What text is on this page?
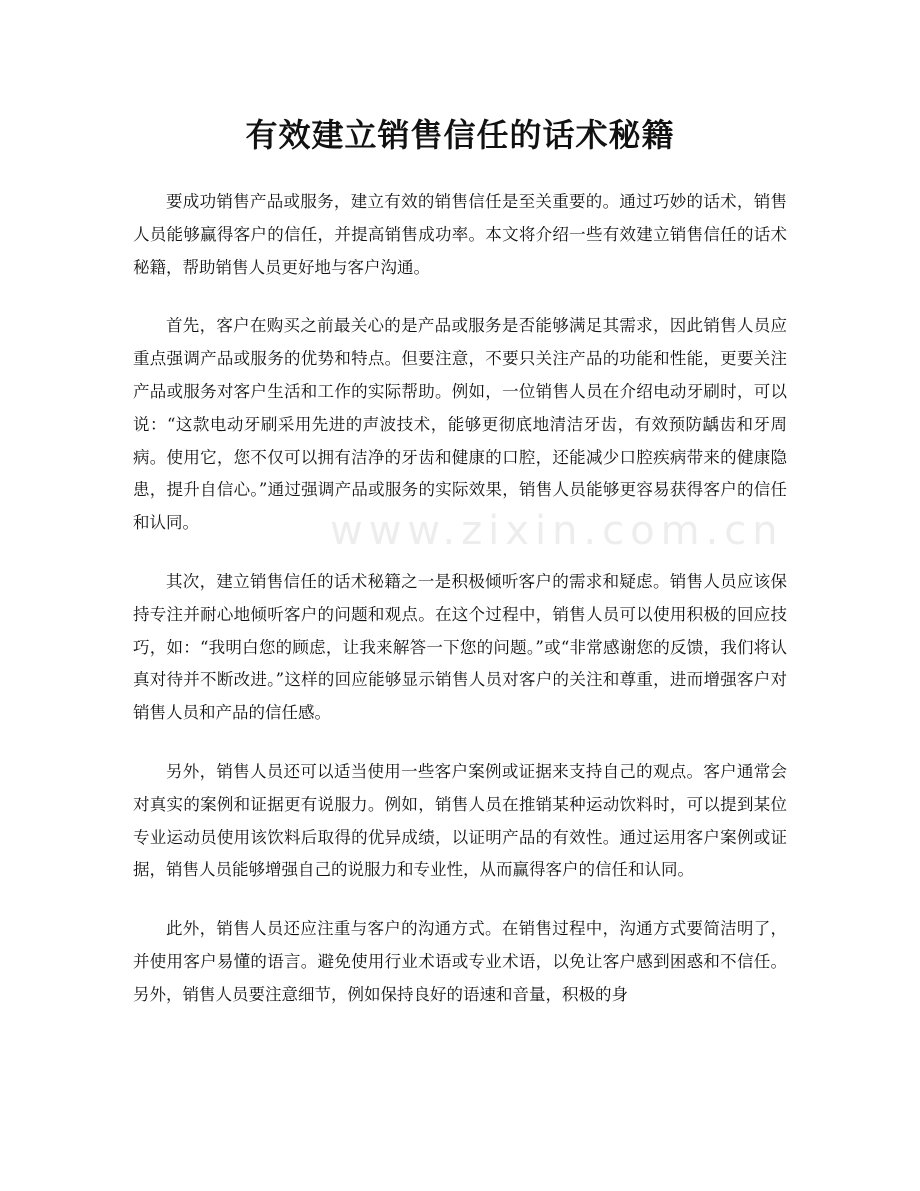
有效建立销售信任的话术秘籍
www.zixin.com.cn

要成功销售产品或服务，建立有效的销售信任是至关重要的。通过巧妙的话术，销售人员能够赢得客户的信任，并提高销售成功率。本文将介绍一些有效建立销售信任的话术秘籍，帮助销售人员更好地与客户沟通。

首先，客户在购买之前最关心的是产品或服务是否能够满足其需求，因此销售人员应重点强调产品或服务的优势和特点。但要注意，不要只关注产品的功能和性能，更要关注产品或服务对客户生活和工作的实际帮助。例如，一位销售人员在介绍电动牙刷时，可以说：“这款电动牙刷采用先进的声波技术，能够更彻底地清洁牙齿，有效预防龋齿和牙周病。使用它，您不仅可以拥有洁净的牙齿和健康的口腔，还能减少口腔疾病带来的健康隐患，提升自信心。”通过强调产品或服务的实际效果，销售人员能够更容易获得客户的信任和认同。

其次，建立销售信任的话术秘籍之一是积极倾听客户的需求和疑虑。销售人员应该保持专注并耐心地倾听客户的问题和观点。在这个过程中，销售人员可以使用积极的回应技巧，如：“我明白您的顾虑，让我来解答一下您的问题。”或“非常感谢您的反馈，我们将认真对待并不断改进。”这样的回应能够显示销售人员对客户的关注和尊重，进而增强客户对销售人员和产品的信任感。

另外，销售人员还可以适当使用一些客户案例或证据来支持自己的观点。客户通常会对真实的案例和证据更有说服力。例如，销售人员在推销某种运动饮料时，可以提到某位专业运动员使用该饮料后取得的优异成绩，以证明产品的有效性。通过运用客户案例或证据，销售人员能够增强自己的说服力和专业性，从而赢得客户的信任和认同。

此外，销售人员还应注重与客户的沟通方式。在销售过程中，沟通方式要简洁明了，并使用客户易懂的语言。避免使用行业术语或专业术语，以免让客户感到困惑和不信任。另外，销售人员要注意细节，例如保持良好的语速和音量，积极的身
